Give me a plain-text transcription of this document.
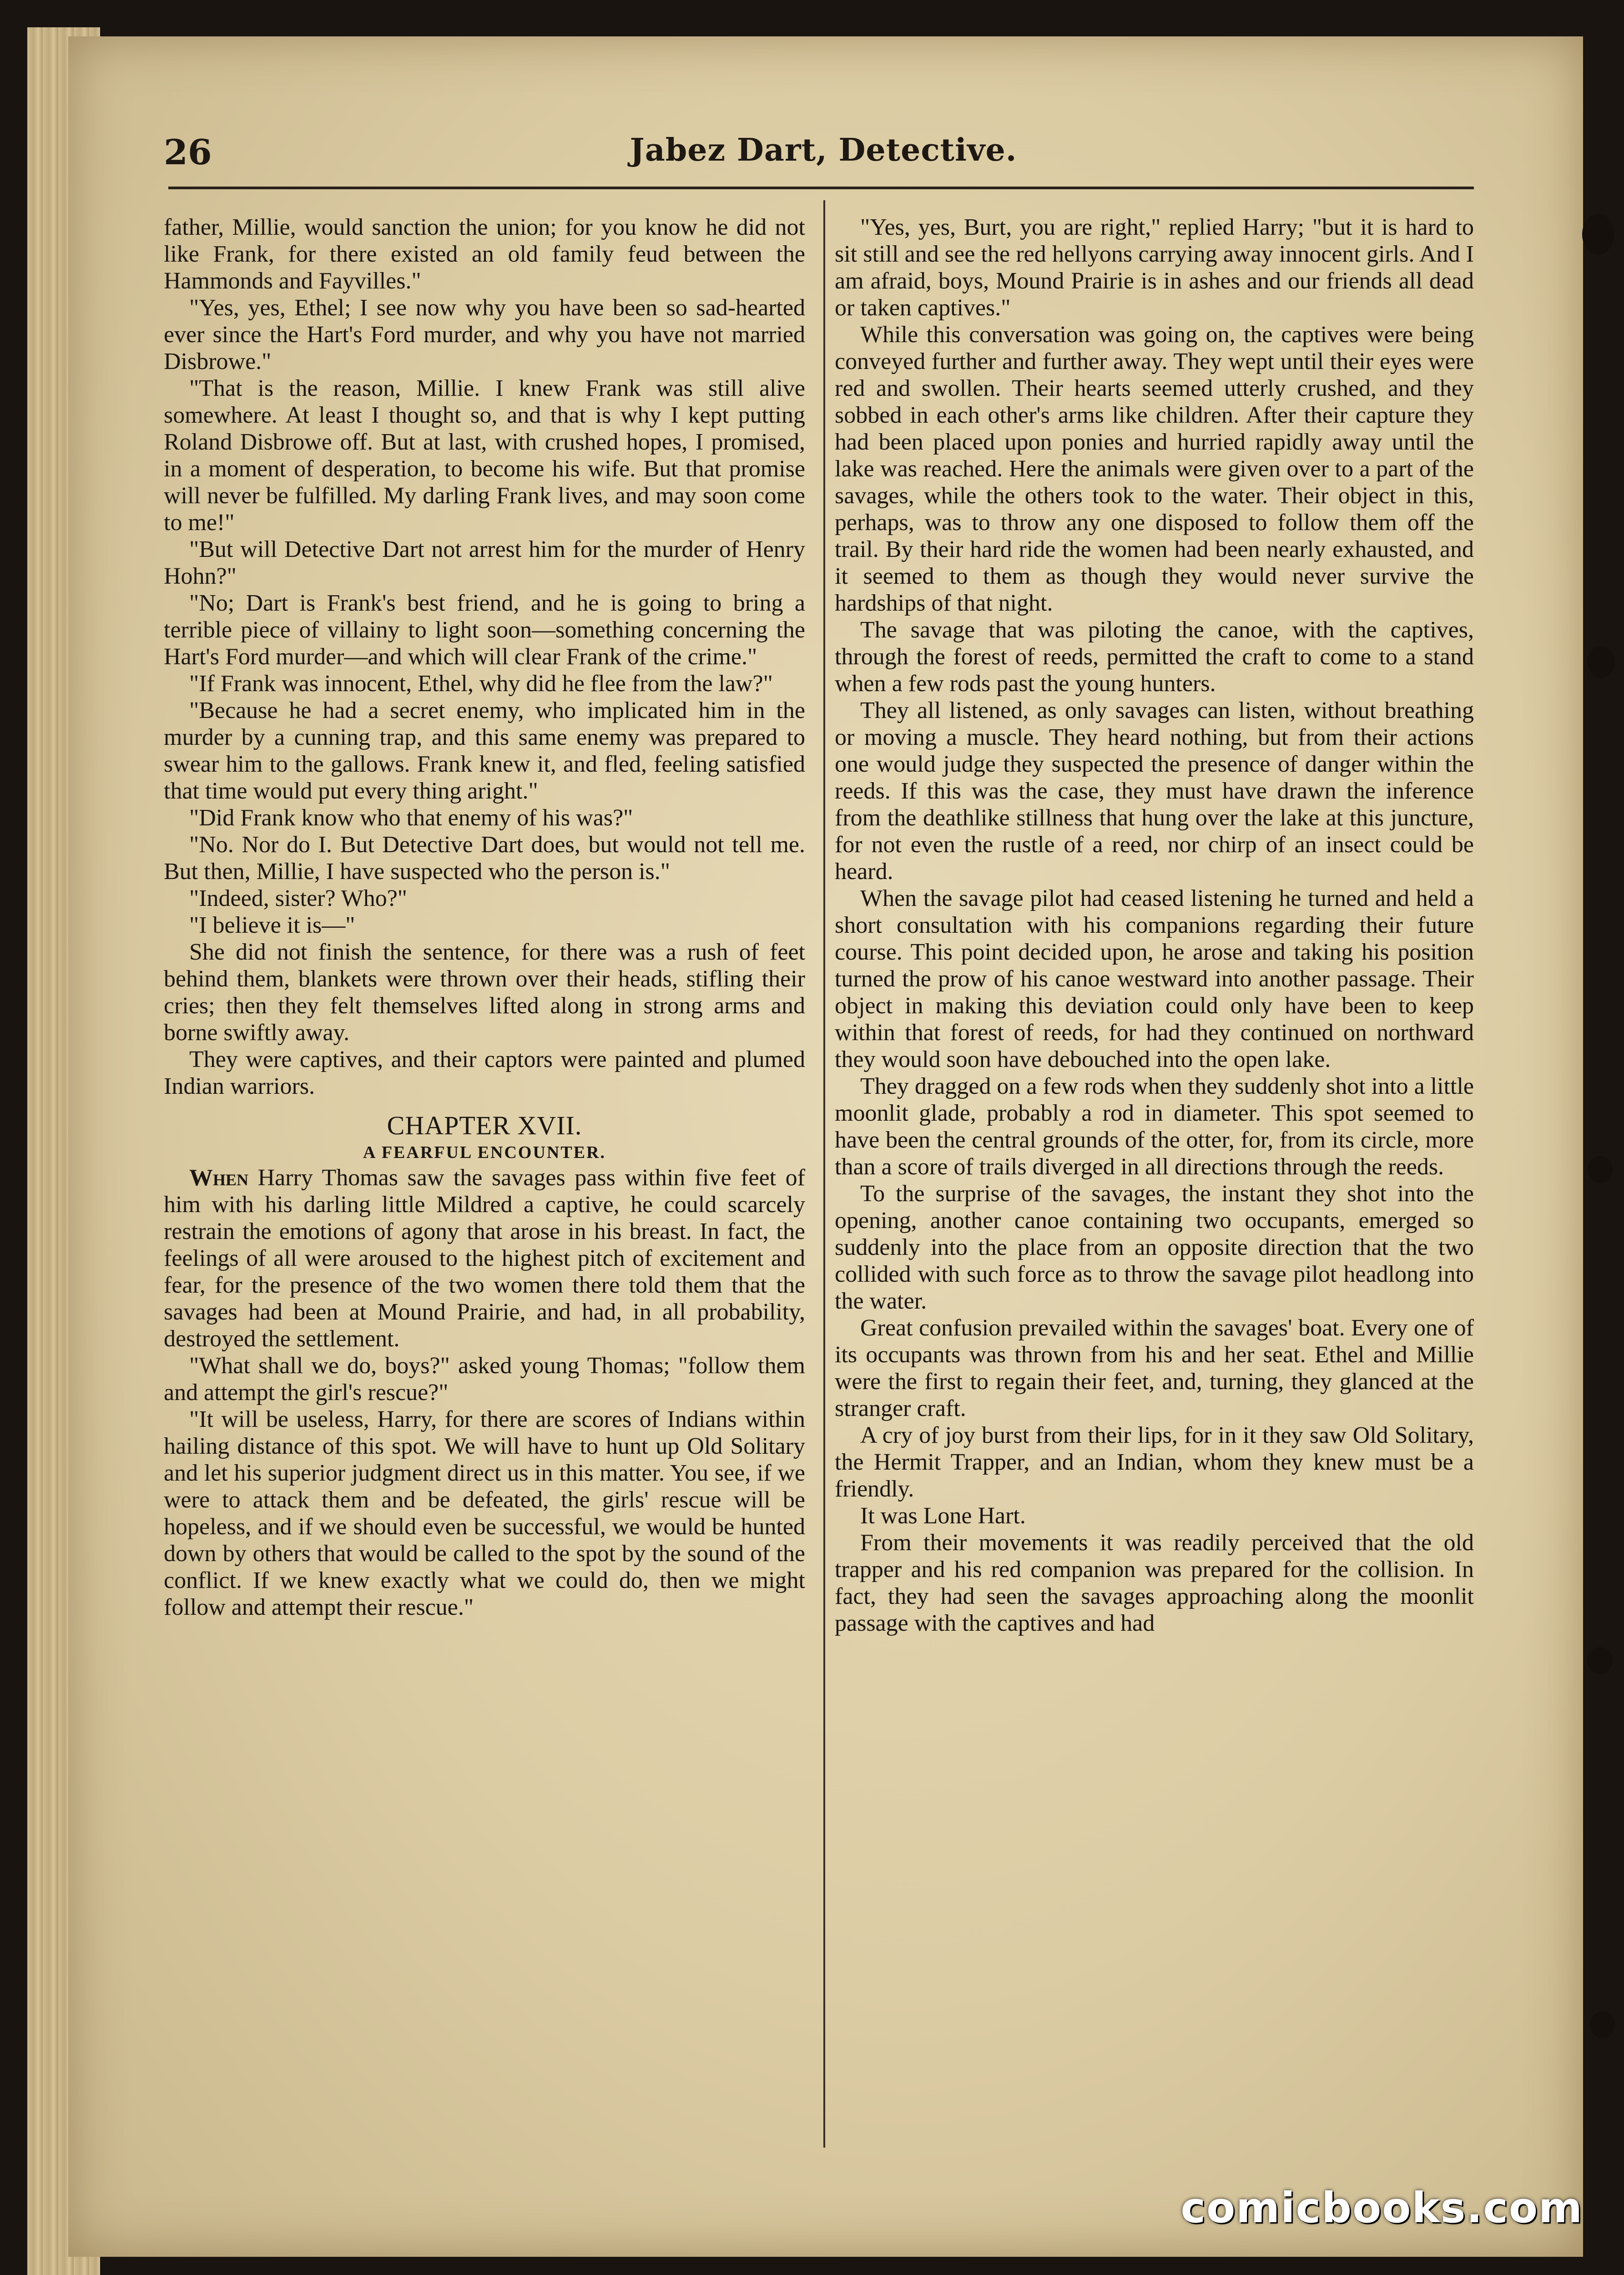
26	Jabez Dart, Detective.

father, Millie, would sanction the union; for you know he did not like Frank, for there existed an old family feud between the Hammonds and Fayvilles."

"Yes, yes, Ethel; I see now why you have been so sad-hearted ever since the Hart's Ford murder, and why you have not married Disbrowe."

"That is the reason, Millie. I knew Frank was still alive somewhere. At least I thought so, and that is why I kept putting Roland Disbrowe off. But at last, with crushed hopes, I promised, in a moment of desperation, to become his wife. But that promise will never be fulfilled. My darling Frank lives, and may soon come to me!"

"But will Detective Dart not arrest him for the murder of Henry Hohn?"

"No; Dart is Frank's best friend, and he is going to bring a terrible piece of villainy to light soon—something concerning the Hart's Ford murder—and which will clear Frank of the crime."

"If Frank was innocent, Ethel, why did he flee from the law?"

"Because he had a secret enemy, who implicated him in the murder by a cunning trap, and this same enemy was prepared to swear him to the gallows. Frank knew it, and fled, feeling satisfied that time would put every thing aright."

"Did Frank know who that enemy of his was?"

"No. Nor do I. But Detective Dart does, but would not tell me. But then, Millie, I have suspected who the person is."

"Indeed, sister? Who?"

"I believe it is—"

She did not finish the sentence, for there was a rush of feet behind them, blankets were thrown over their heads, stifling their cries; then they felt themselves lifted along in strong arms and borne swiftly away.

They were captives, and their captors were painted and plumed Indian warriors.

CHAPTER XVII.
A FEARFUL ENCOUNTER.

When Harry Thomas saw the savages pass within five feet of him with his darling little Mildred a captive, he could scarcely restrain the emotions of agony that arose in his breast. In fact, the feelings of all were aroused to the highest pitch of excitement and fear, for the presence of the two women there told them that the savages had been at Mound Prairie, and had, in all probability, destroyed the settlement.

"What shall we do, boys?" asked young Thomas; "follow them and attempt the girl's rescue?"

"It will be useless, Harry, for there are scores of Indians within hailing distance of this spot. We will have to hunt up Old Solitary and let his superior judgment direct us in this matter. You see, if we were to attack them and be defeated, the girls' rescue will be hopeless, and if we should even be successful, we would be hunted down by others that would be called to the spot by the sound of the conflict. If we knew exactly what we could do, then we might follow and attempt their rescue."

"Yes, yes, Burt, you are right," replied Harry; "but it is hard to sit still and see the red hellyons carrying away innocent girls. And I am afraid, boys, Mound Prairie is in ashes and our friends all dead or taken captives."

While this conversation was going on, the captives were being conveyed further and further away. They wept until their eyes were red and swollen. Their hearts seemed utterly crushed, and they sobbed in each other's arms like children. After their capture they had been placed upon ponies and hurried rapidly away until the lake was reached. Here the animals were given over to a part of the savages, while the others took to the water. Their object in this, perhaps, was to throw any one disposed to follow them off the trail. By their hard ride the women had been nearly exhausted, and it seemed to them as though they would never survive the hardships of that night.

The savage that was piloting the canoe, with the captives, through the forest of reeds, permitted the craft to come to a stand when a few rods past the young hunters.

They all listened, as only savages can listen, without breathing or moving a muscle. They heard nothing, but from their actions one would judge they suspected the presence of danger within the reeds. If this was the case, they must have drawn the inference from the deathlike stillness that hung over the lake at this juncture, for not even the rustle of a reed, nor chirp of an insect could be heard.

When the savage pilot had ceased listening he turned and held a short consultation with his companions regarding their future course. This point decided upon, he arose and taking his position turned the prow of his canoe westward into another passage. Their object in making this deviation could only have been to keep within that forest of reeds, for had they continued on northward they would soon have debouched into the open lake.

They dragged on a few rods when they suddenly shot into a little moonlit glade, probably a rod in diameter. This spot seemed to have been the central grounds of the otter, for, from its circle, more than a score of trails diverged in all directions through the reeds.

To the surprise of the savages, the instant they shot into the opening, another canoe containing two occupants, emerged so suddenly into the place from an opposite direction that the two collided with such force as to throw the savage pilot headlong into the water.

Great confusion prevailed within the savages' boat. Every one of its occupants was thrown from his and her seat. Ethel and Millie were the first to regain their feet, and, turning, they glanced at the stranger craft.

A cry of joy burst from their lips, for in it they saw Old Solitary, the Hermit Trapper, and an Indian, whom they knew must be a friendly.

It was Lone Hart.

From their movements it was readily perceived that the old trapper and his red companion was prepared for the collision. In fact, they had seen the savages approaching along the moonlit passage with the captives and had

comicbooks.com
